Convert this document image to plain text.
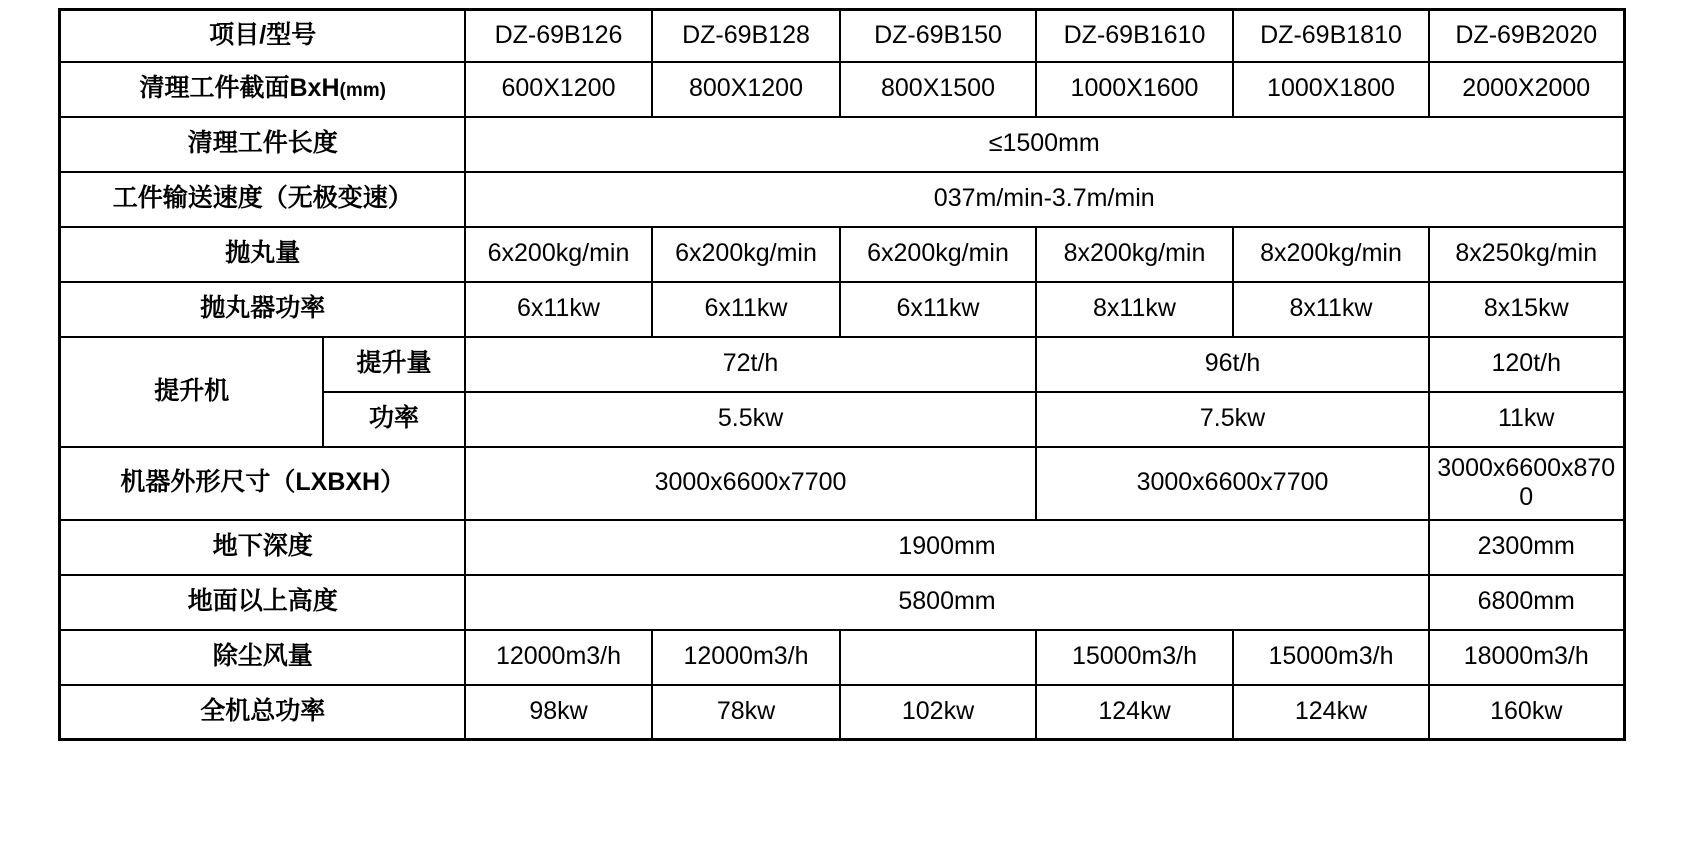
项目/型号		DZ-69B126	DZ-69B128	DZ-69B150	DZ-69B1610	DZ-69B1810	DZ-69B2020
清理工件截面BxH(mm)		600X1200	800X1200	800X1500	1000X1600	1000X1800	2000X2000
清理工件长度		≤1500mm					
工件输送速度（无极变速）		037m/min-3.7m/min					
抛丸量		6x200kg/min	6x200kg/min	6x200kg/min	8x200kg/min	8x200kg/min	8x250kg/min
抛丸器功率		6x11kw	6x11kw	6x11kw	8x11kw	8x11kw	8x15kw
提升机	提升量	72t/h			96t/h		120t/h
	功率	5.5kw			7.5kw		11kw
机器外形尺寸（LXBXH）		3000x6600x7700			3000x6600x7700		3000x6600x8700
地下深度		1900mm					2300mm
地面以上高度		5800mm					6800mm
除尘风量		12000m3/h	12000m3/h		15000m3/h	15000m3/h	18000m3/h
全机总功率		98kw	78kw	102kw	124kw	124kw	160kw
